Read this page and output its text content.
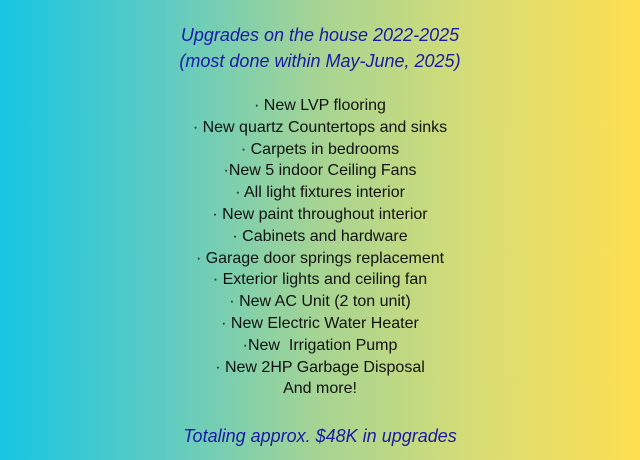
Upgrades on the house 2022-2025
(most done within May-June, 2025)
· New LVP flooring
· New quartz Countertops and sinks
· Carpets in bedrooms
·New 5 indoor Ceiling Fans
· All light fixtures interior
· New paint throughout interior
· Cabinets and hardware
· Garage door springs replacement
· Exterior lights and ceiling fan
· New AC Unit (2 ton unit)
· New Electric Water Heater
·New  Irrigation Pump
· New 2HP Garbage Disposal
And more!
Totaling approx. $48K in upgrades
